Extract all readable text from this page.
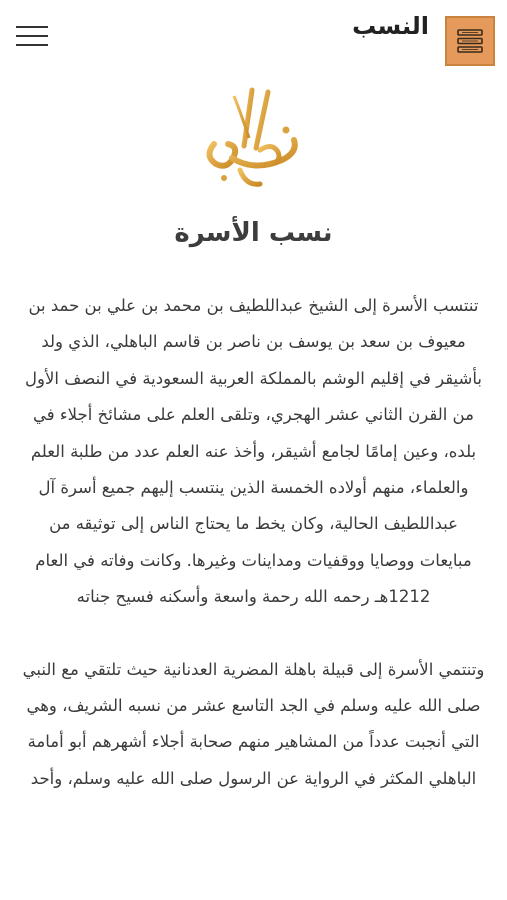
النسب
نسب الأسرة

تنتسب الأسرة إلى الشيخ عبداللطيف بن محمد بن علي بن حمد بن معيوف بن سعد بن يوسف بن ناصر بن قاسم الباهلي، الذي ولد بأشيقر في إقليم الوشم بالمملكة العربية السعودية في النصف الأول من القرن الثاني عشر الهجري، وتلقى العلم على مشائخ أجلاء في بلده، وعين إمامًا لجامع أشيقر، وأخذ عنه العلم عدد من طلبة العلم والعلماء، منهم أولاده الخمسة الذين ينتسب إليهم جميع أسرة آل عبداللطيف الحالية، وكان يخط ما يحتاج الناس إلى توثيقه من مبايعات ووصايا ووقفيات ومداينات وغيرها. وكانت وفاته في العام 1212هـ رحمه الله رحمة واسعة وأسكنه فسيح جناته

وتنتمي الأسرة إلى قبيلة باهلة المضرية العدنانية حيث تلتقي مع النبي صلى الله عليه وسلم في الجد التاسع عشر من نسبه الشريف، وهي التي أنجبت عدداً من المشاهير منهم صحابة أجلاء أشهرهم أبو أمامة الباهلي المكثر في الرواية عن الرسول صلى الله عليه وسلم، وأحد
